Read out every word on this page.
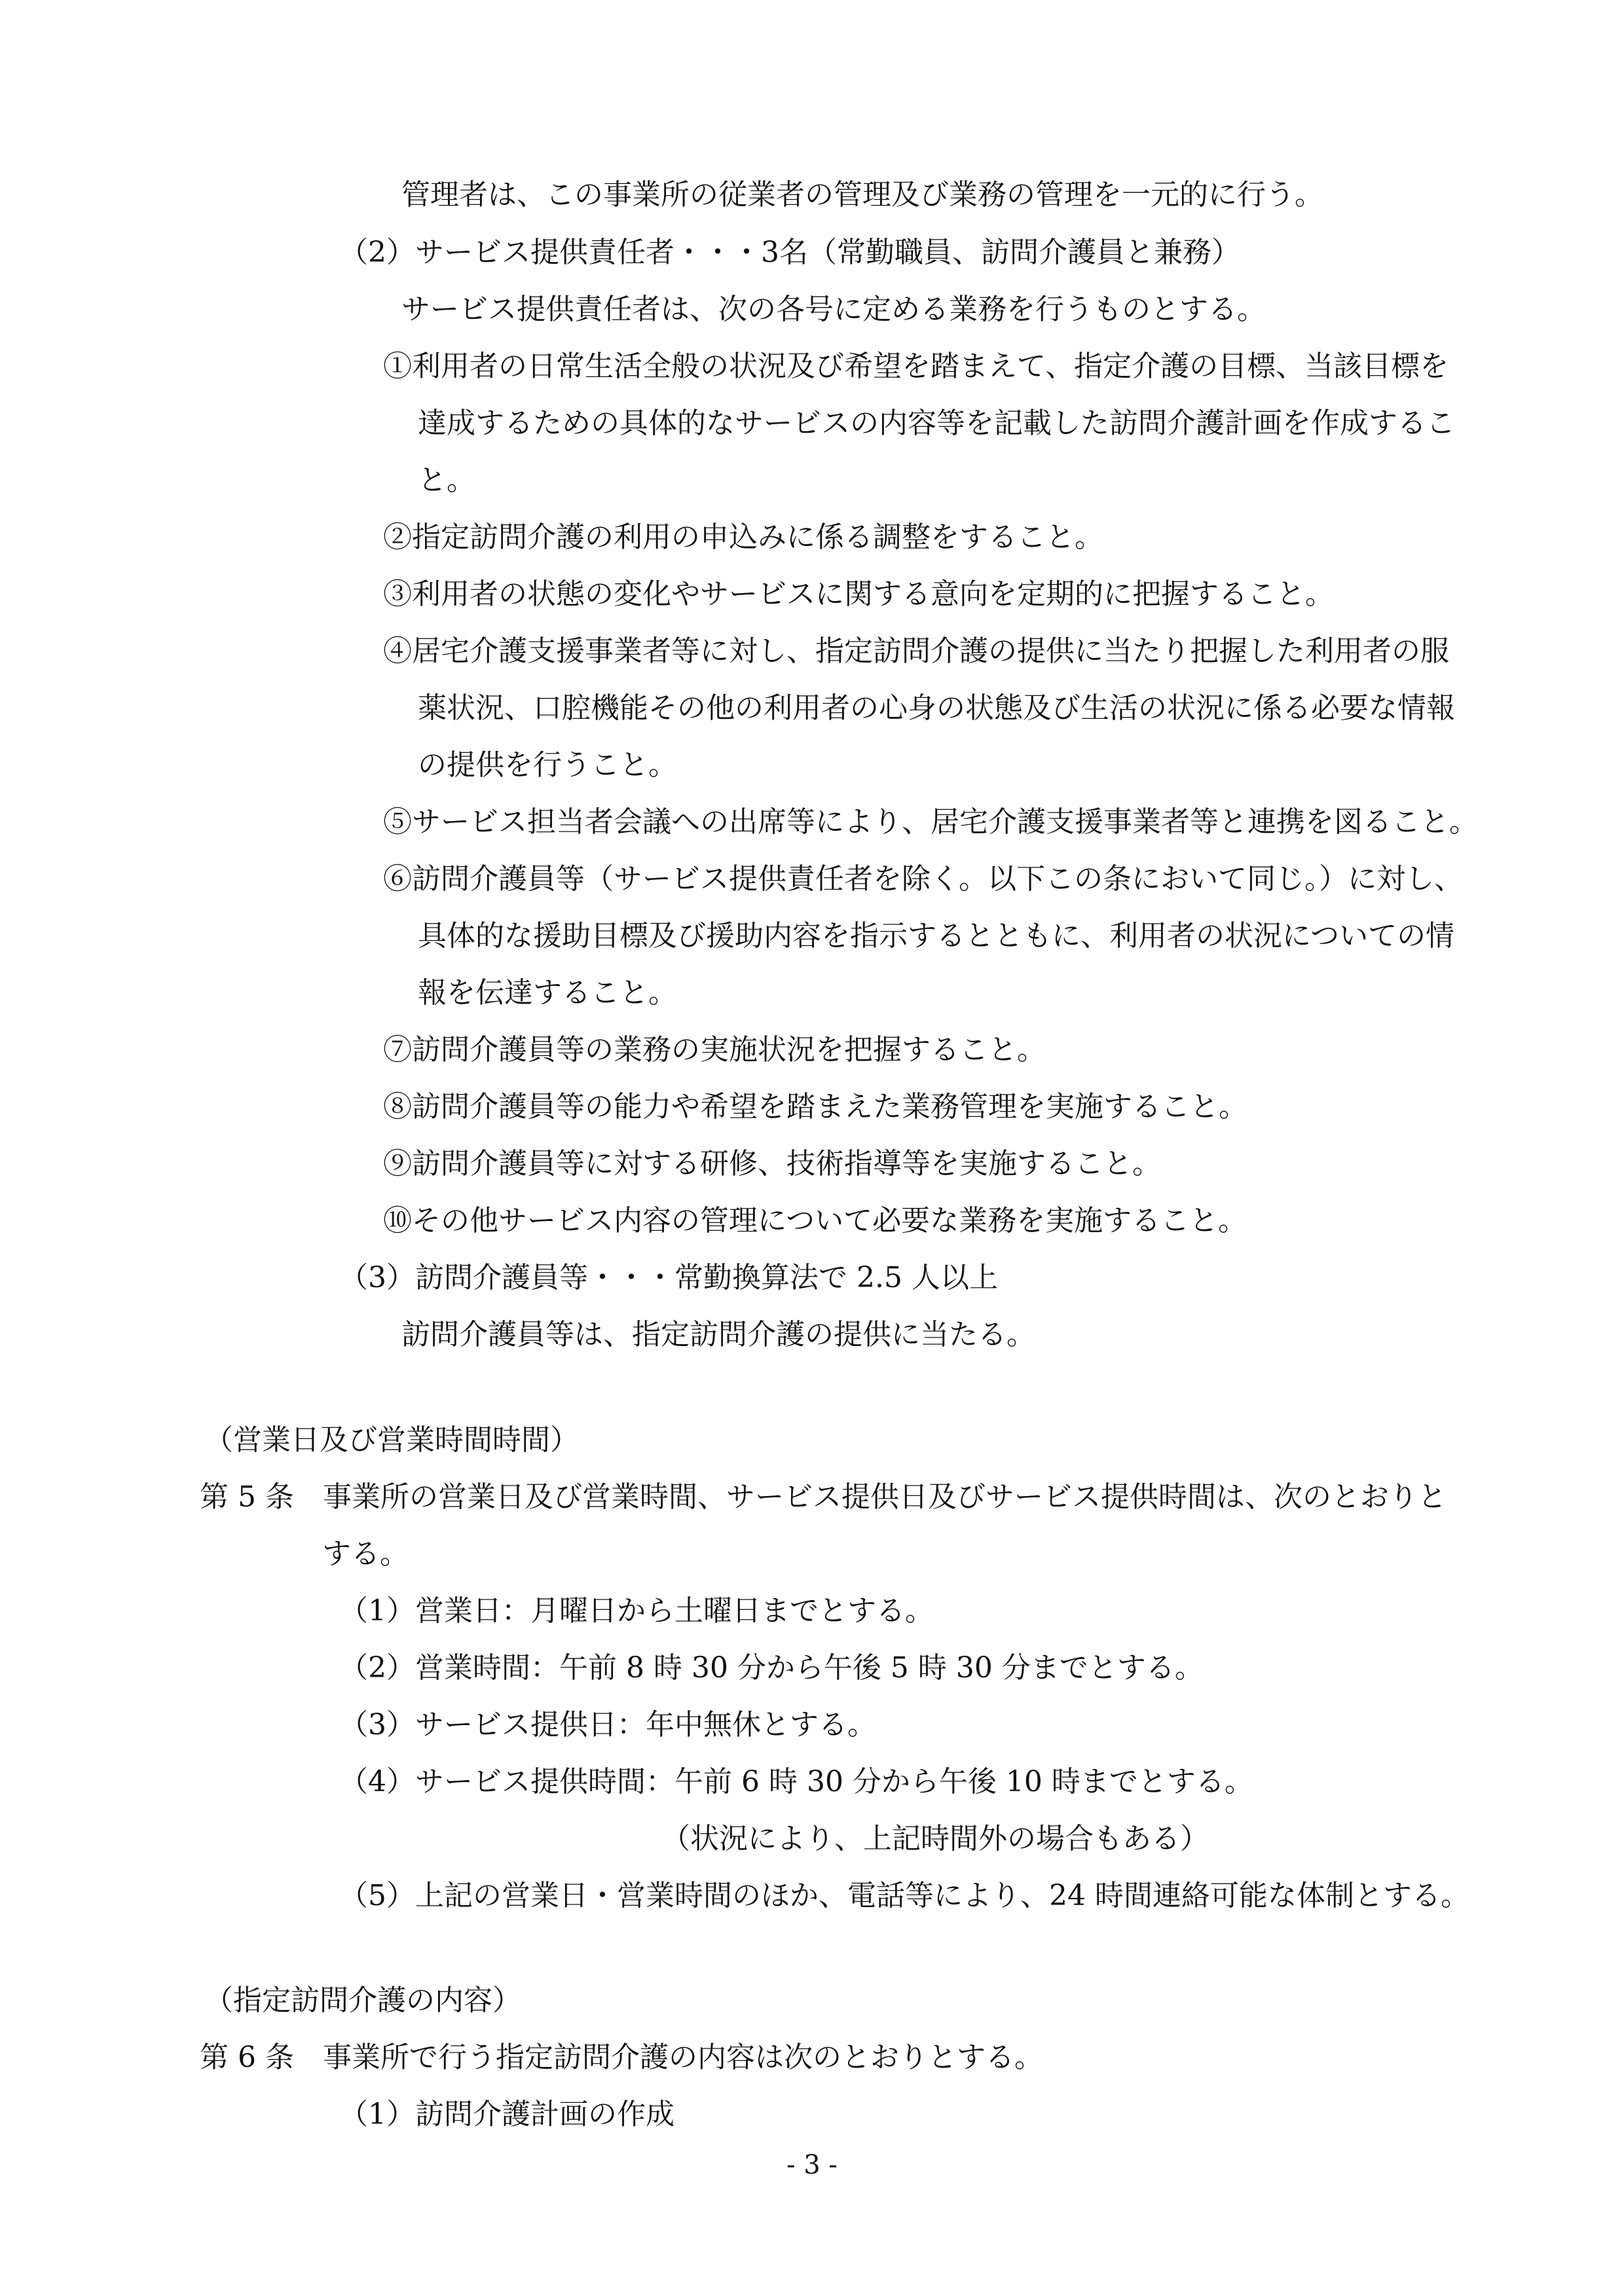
管理者は、この事業所の従業者の管理及び業務の管理を一元的に行う。
（2）サービス提供責任者・・・3名（常勤職員、訪問介護員と兼務）
サービス提供責任者は、次の各号に定める業務を行うものとする。
①利用者の日常生活全般の状況及び希望を踏まえて、指定介護の目標、当該目標を
達成するための具体的なサービスの内容等を記載した訪問介護計画を作成するこ
と。
②指定訪問介護の利用の申込みに係る調整をすること。
③利用者の状態の変化やサービスに関する意向を定期的に把握すること。
④居宅介護支援事業者等に対し、指定訪問介護の提供に当たり把握した利用者の服
薬状況、口腔機能その他の利用者の心身の状態及び生活の状況に係る必要な情報
の提供を行うこと。
⑤サービス担当者会議への出席等により、居宅介護支援事業者等と連携を図ること。
⑥訪問介護員等（サービス提供責任者を除く。以下この条において同じ。）に対し、
具体的な援助目標及び援助内容を指示するとともに、利用者の状況についての情
報を伝達すること。
⑦訪問介護員等の業務の実施状況を把握すること。
⑧訪問介護員等の能力や希望を踏まえた業務管理を実施すること。
⑨訪問介護員等に対する研修、技術指導等を実施すること。
⑩その他サービス内容の管理について必要な業務を実施すること。
（3）訪問介護員等・・・常勤換算法で 2.5 人以上
訪問介護員等は、指定訪問介護の提供に当たる。
（営業日及び営業時間時間）
第 5 条　事業所の営業日及び営業時間、サービス提供日及びサービス提供時間は、次のとおりと
する。
（1）営業日：月曜日から土曜日までとする。
（2）営業時間：午前 8 時 30 分から午後 5 時 30 分までとする。
（3）サービス提供日：年中無休とする。
（4）サービス提供時間：午前 6 時 30 分から午後 10 時までとする。
（状況により、上記時間外の場合もある）
（5）上記の営業日・営業時間のほか、電話等により、24 時間連絡可能な体制とする。
（指定訪問介護の内容）
第 6 条　事業所で行う指定訪問介護の内容は次のとおりとする。
（1）訪問介護計画の作成
- 3 -
